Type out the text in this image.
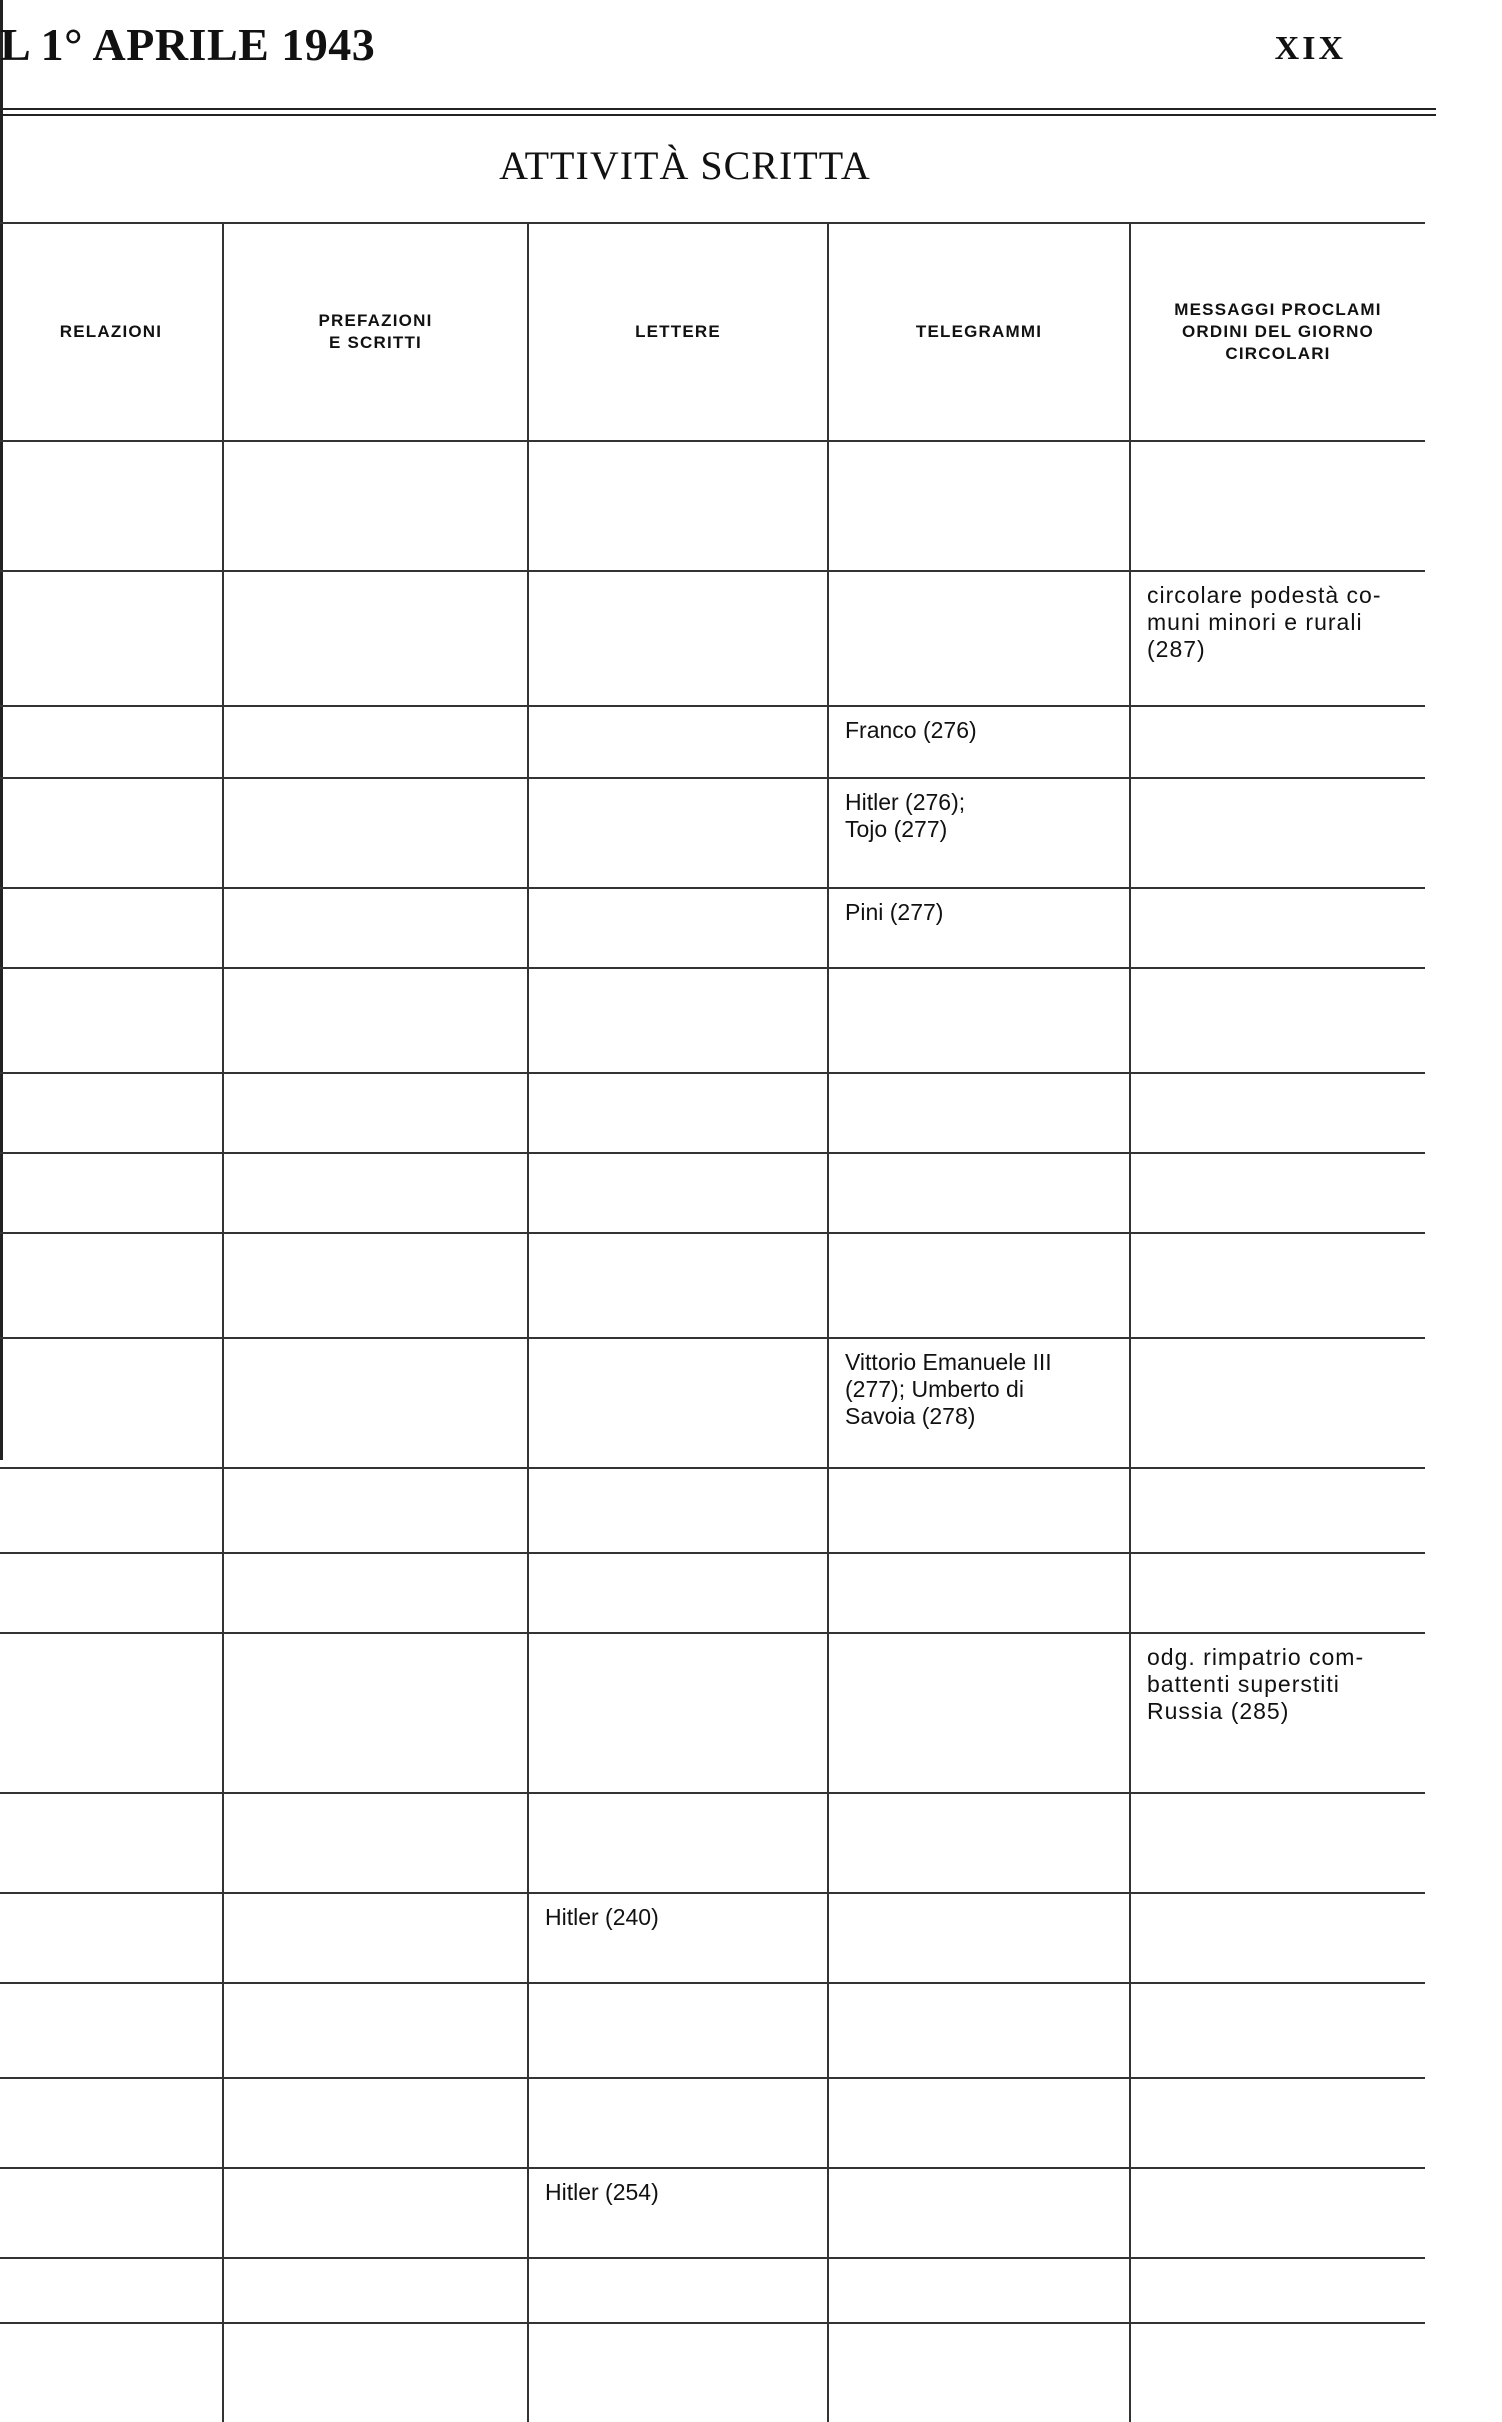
L 1° APRILE 1943	XIX
ATTIVITÀ SCRITTA
RELAZIONI
PREFAZIONI
E SCRITTI
LETTERE	TELEGRAMMI
MESSAGGI PROCLAMI
ORDINI DEL GIORNO
CIRCOLARI
circolare podestà co-
muni minori e rurali
(287)
Franco (276)
Hitler (276);
Tojo (277)
Pini (277)
Vittorio Emanuele III
(277); Umberto di
Savoia (278)
odg. rimpatrio com-
battenti superstiti
Russia (285)
Hitler (240)
Hitler (254)
